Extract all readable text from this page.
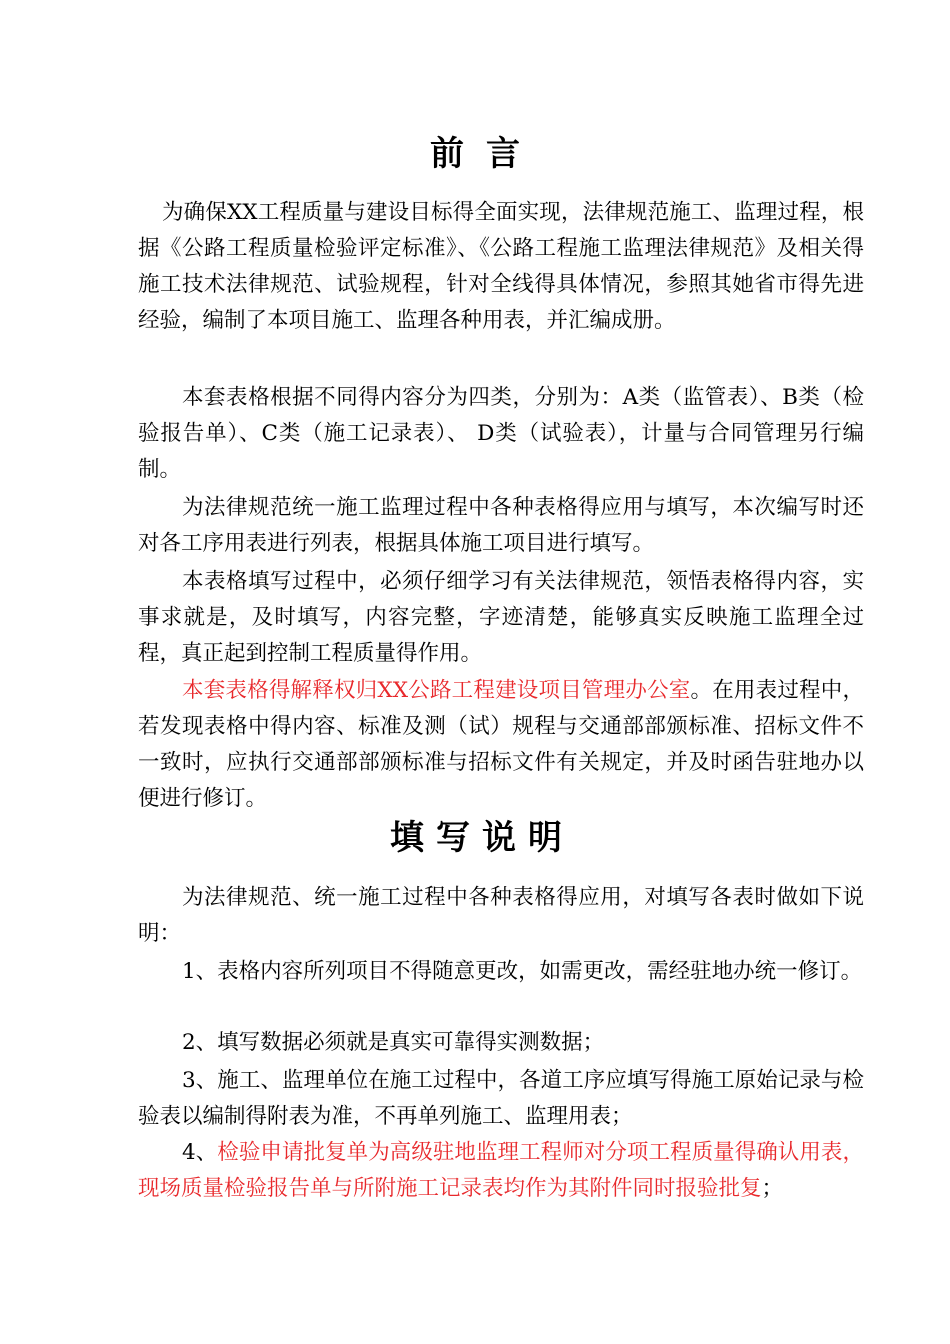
前言

为确保XX工程质量与建设目标得全面实现，法律规范施工、监理过程，根据《公路工程质量检验评定标准》、《公路工程施工监理法律规范》及相关得施工技术法律规范、试验规程，针对全线得具体情况，参照其她省市得先进经验，编制了本项目施工、监理各种用表，并汇编成册。

本套表格根据不同得内容分为四类，分别为：A类（监管表）、B类（检验报告单）、C类（施工记录表）、 D类（试验表），计量与合同管理另行编制。

为法律规范统一施工监理过程中各种表格得应用与填写，本次编写时还对各工序用表进行列表，根据具体施工项目进行填写。

本表格填写过程中，必须仔细学习有关法律规范，领悟表格得内容，实事求就是，及时填写，内容完整，字迹清楚，能够真实反映施工监理全过程，真正起到控制工程质量得作用。

本套表格得解释权归XX公路工程建设项目管理办公室。在用表过程中，若发现表格中得内容、标准及测（试）规程与交通部部颁标准、招标文件不一致时，应执行交通部部颁标准与招标文件有关规定，并及时函告驻地办以便进行修订。

填写说明

为法律规范、统一施工过程中各种表格得应用，对填写各表时做如下说明：

1、表格内容所列项目不得随意更改，如需更改，需经驻地办统一修订。

2、填写数据必须就是真实可靠得实测数据；

3、施工、监理单位在施工过程中，各道工序应填写得施工原始记录与检验表以编制得附表为准，不再单列施工、监理用表；

4、检验申请批复单为高级驻地监理工程师对分项工程质量得确认用表，现场质量检验报告单与所附施工记录表均作为其附件同时报验批复；
